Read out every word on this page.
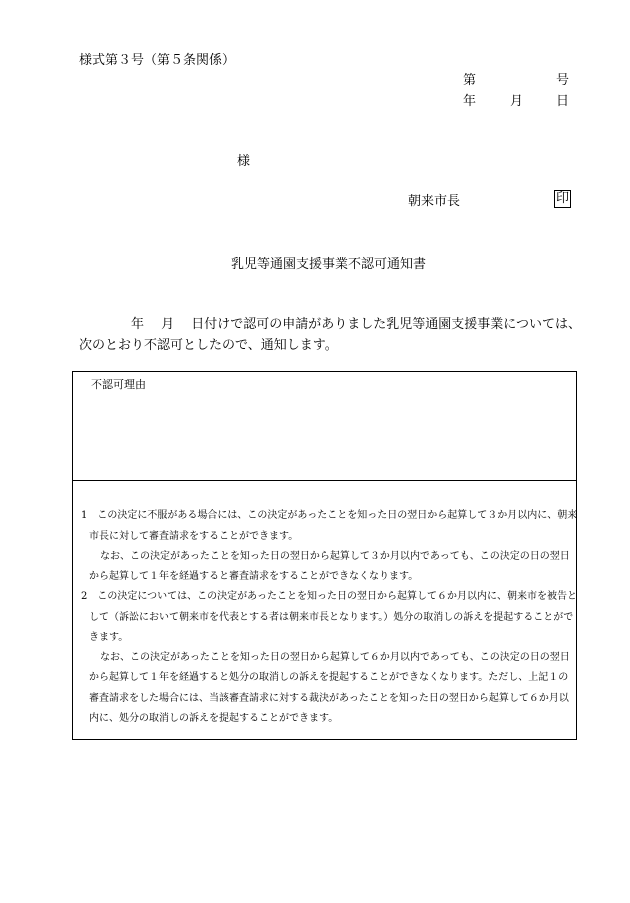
様式第３号（第５条関係）
第	号
年	月	日
様
朝来市長	印
乳児等通園支援事業不認可通知書
年　 月　 日付けで認可の申請がありました乳児等通園支援事業については、
次のとおり不認可としたので、通知します。
不認可理由
1　この決定に不服がある場合には、この決定があったことを知った日の翌日から起算して３か月以内に、朝来
市長に対して審査請求をすることができます。
なお、この決定があったことを知った日の翌日から起算して３か月以内であっても、この決定の日の翌日
から起算して１年を経過すると審査請求をすることができなくなります。
2　この決定については、この決定があったことを知った日の翌日から起算して６か月以内に、朝来市を被告と
して（訴訟において朝来市を代表とする者は朝来市長となります。）処分の取消しの訴えを提起することがで
きます。
なお、この決定があったことを知った日の翌日から起算して６か月以内であっても、この決定の日の翌日
から起算して１年を経過すると処分の取消しの訴えを提起することができなくなります。ただし、上記１の
審査請求をした場合には、当該審査請求に対する裁決があったことを知った日の翌日から起算して６か月以
内に、処分の取消しの訴えを提起することができます。
